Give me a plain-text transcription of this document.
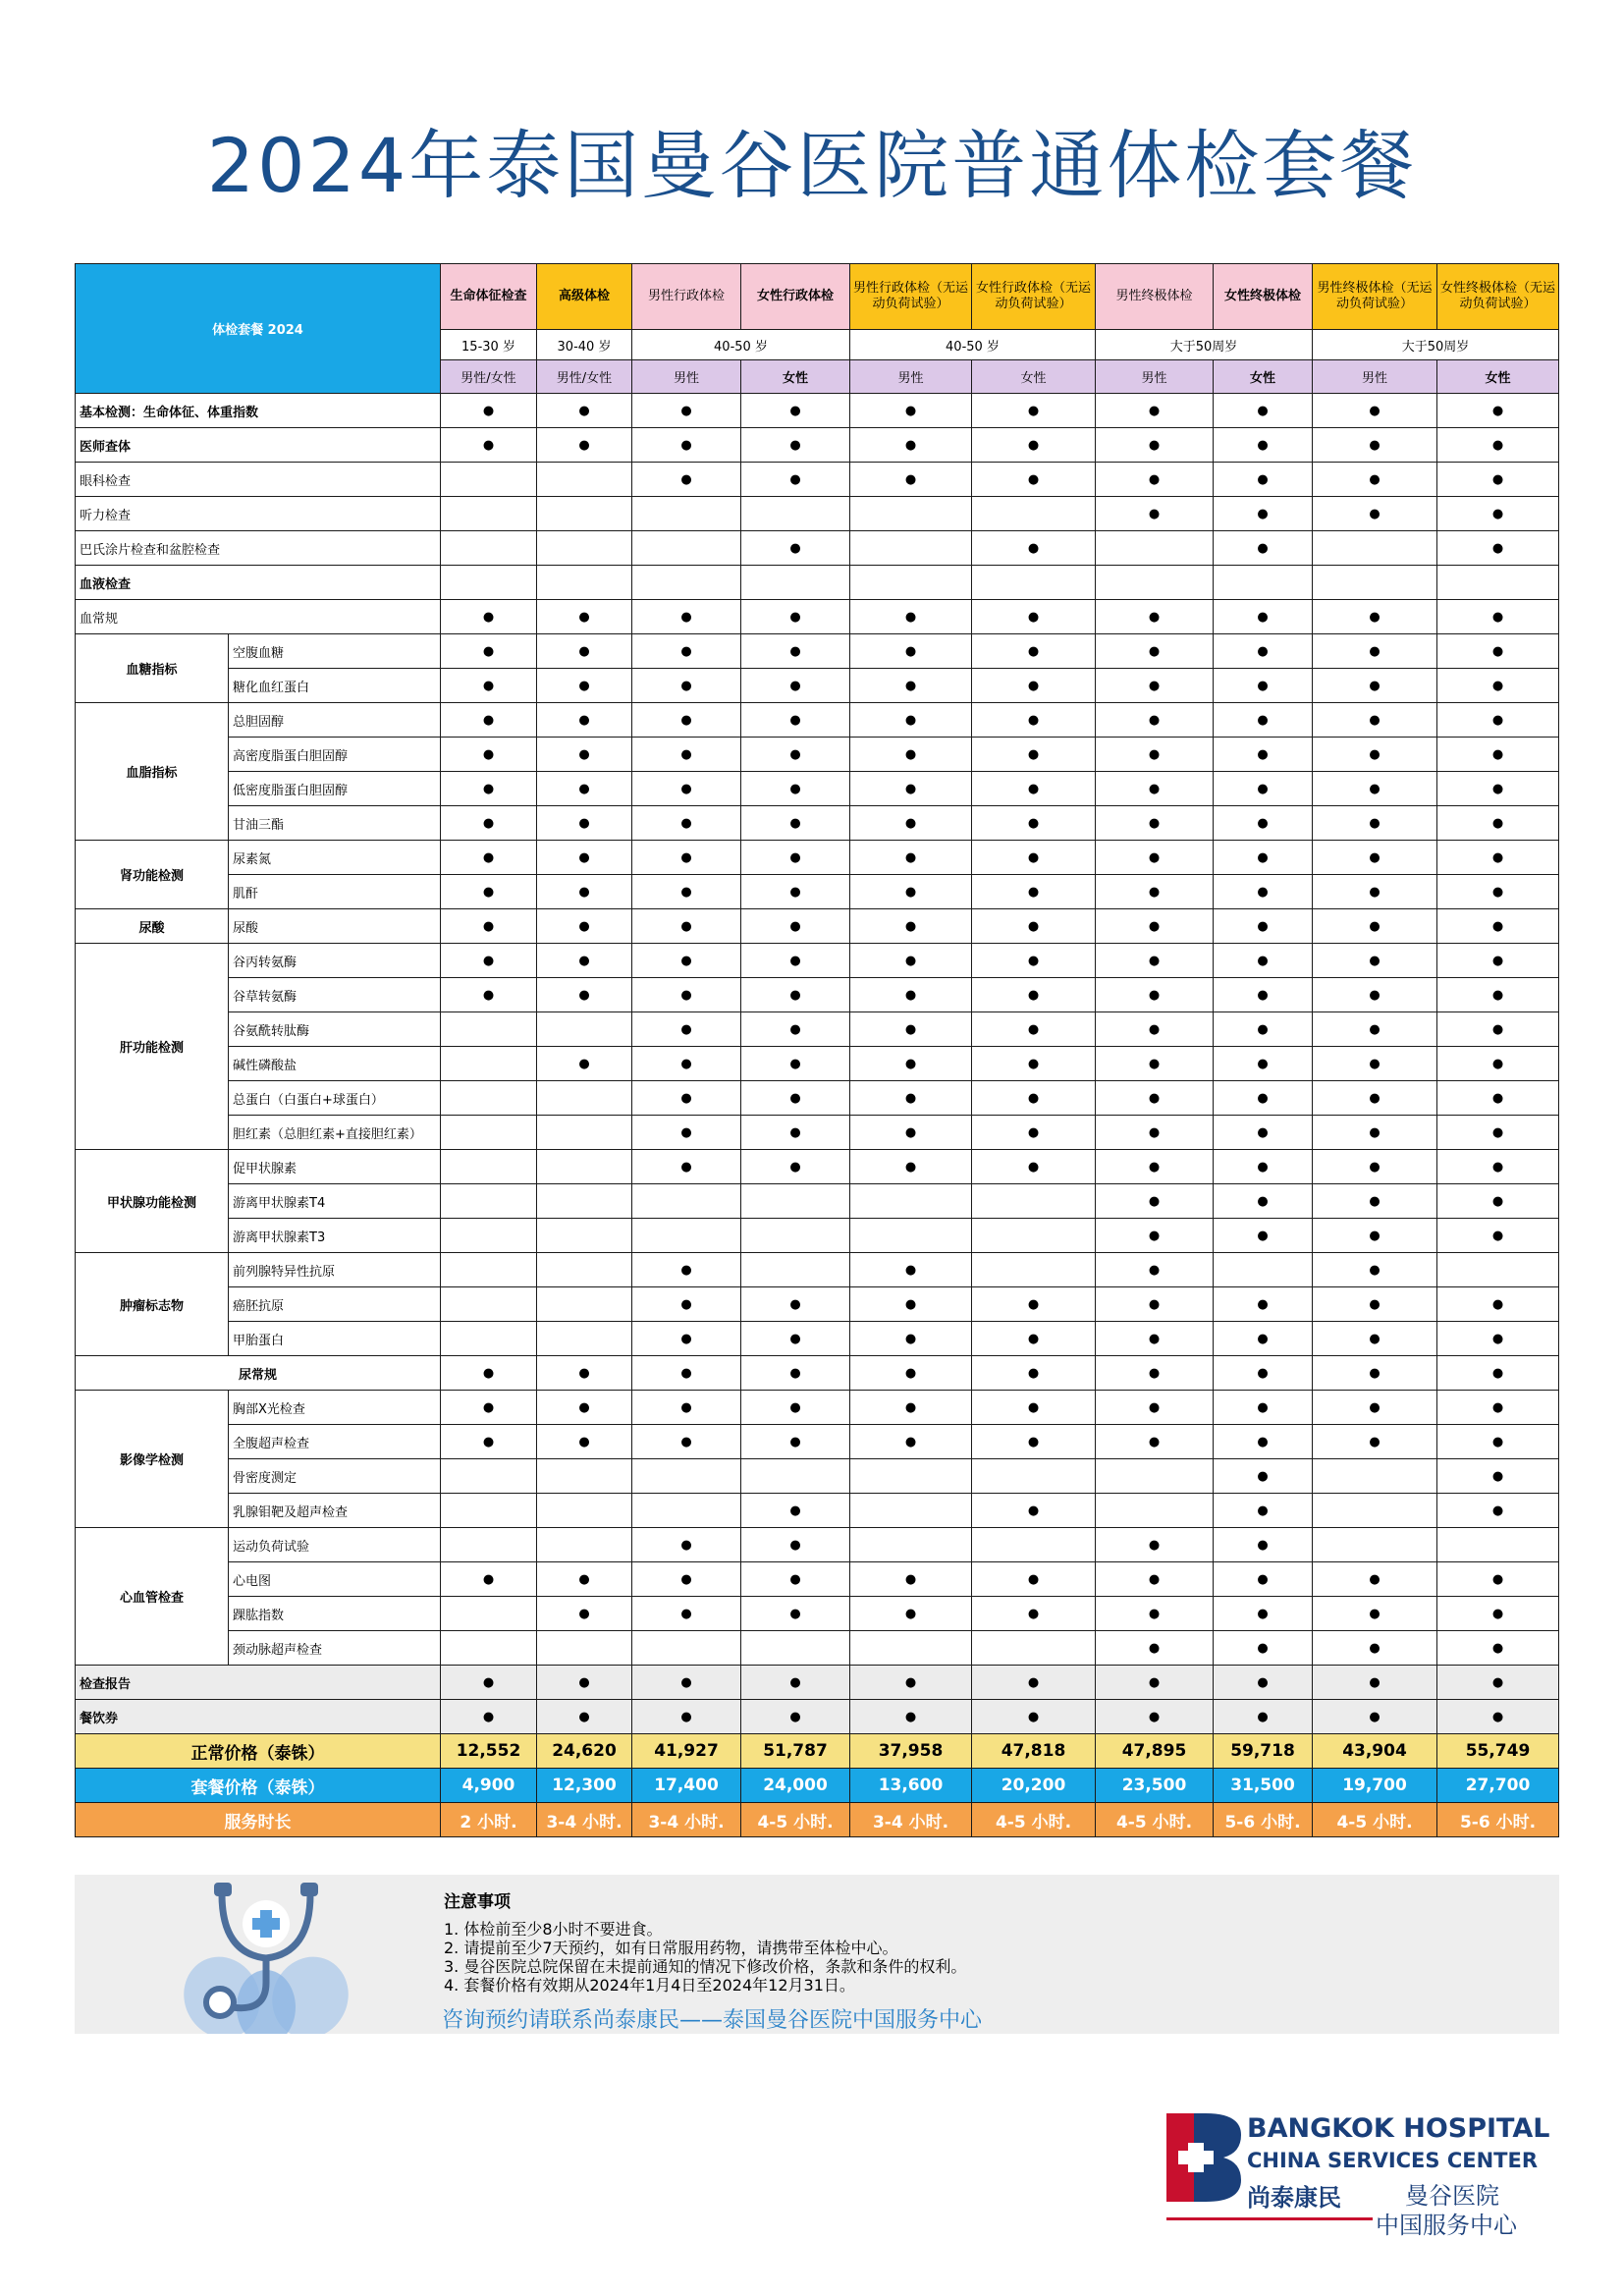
2024年泰国曼谷医院普通体检套餐
体检套餐 2024		生命体征检查	高级体检	男性行政体检	女性行政体检	男性行政体检（无运动负荷试验）	女性行政体检（无运动负荷试验）	男性终极体检	女性终极体检	男性终极体检（无运动负荷试验）	女性终极体检（无运动负荷试验）
		15-30 岁	30-40 岁	40-50 岁		40-50 岁		大于50周岁		大于50周岁	
		男性/女性	男性/女性	男性	女性	男性	女性	男性	女性	男性	女性
基本检测：生命体征、体重指数		●	●	●	●	●	●	●	●	●	●
医师查体		●	●	●	●	●	●	●	●	●	●
眼科检查				●	●	●	●	●	●	●	●
听力检查								●	●	●	●
巴氏涂片检查和盆腔检查					●		●		●		●
血液检查											
血常规		●	●	●	●	●	●	●	●	●	●
血糖指标	空腹血糖	●	●	●	●	●	●	●	●	●	●
	糖化血红蛋白	●	●	●	●	●	●	●	●	●	●
血脂指标	总胆固醇	●	●	●	●	●	●	●	●	●	●
	高密度脂蛋白胆固醇	●	●	●	●	●	●	●	●	●	●
	低密度脂蛋白胆固醇	●	●	●	●	●	●	●	●	●	●
	甘油三酯	●	●	●	●	●	●	●	●	●	●
肾功能检测	尿素氮	●	●	●	●	●	●	●	●	●	●
	肌酐	●	●	●	●	●	●	●	●	●	●
尿酸	尿酸	●	●	●	●	●	●	●	●	●	●
肝功能检测	谷丙转氨酶	●	●	●	●	●	●	●	●	●	●
	谷草转氨酶	●	●	●	●	●	●	●	●	●	●
	谷氨酰转肽酶			●	●	●	●	●	●	●	●
	碱性磷酸盐		●	●	●	●	●	●	●	●	●
	总蛋白（白蛋白+球蛋白）			●	●	●	●	●	●	●	●
	胆红素（总胆红素+直接胆红素）			●	●	●	●	●	●	●	●
甲状腺功能检测	促甲状腺素			●	●	●	●	●	●	●	●
	游离甲状腺素T4							●	●	●	●
	游离甲状腺素T3							●	●	●	●
肿瘤标志物	前列腺特异性抗原			●		●		●		●	
	癌胚抗原			●	●	●	●	●	●	●	●
	甲胎蛋白			●	●	●	●	●	●	●	●
尿常规		●	●	●	●	●	●	●	●	●	●
影像学检测	胸部X光检查	●	●	●	●	●	●	●	●	●	●
	全腹超声检查	●	●	●	●	●	●	●	●	●	●
	骨密度测定								●		●
	乳腺钼靶及超声检查				●		●		●		●
心血管检查	运动负荷试验			●	●			●	●		
	心电图	●	●	●	●	●	●	●	●	●	●
	踝肱指数		●	●	●	●	●	●	●	●	●
	颈动脉超声检查							●	●	●	●
检查报告		●	●	●	●	●	●	●	●	●	●
餐饮券		●	●	●	●	●	●	●	●	●	●
正常价格（泰铢）		12,552	24,620	41,927	51,787	37,958	47,818	47,895	59,718	43,904	55,749
套餐价格（泰铢）		4,900	12,300	17,400	24,000	13,600	20,200	23,500	31,500	19,700	27,700
服务时长		2 小时.	3-4 小时.	3-4 小时.	4-5 小时.	3-4 小时.	4-5 小时.	4-5 小时.	5-6 小时.	4-5 小时.	5-6 小时.
注意事项
1. 体检前至少8小时不要进食。
2. 请提前至少7天预约，如有日常服用药物，请携带至体检中心。
3. 曼谷医院总院保留在未提前通知的情况下修改价格，条款和条件的权利。
4. 套餐价格有效期从2024年1月4日至2024年12月31日。
咨询预约请联系尚泰康民——泰国曼谷医院中国服务中心
BANGKOK HOSPITAL
CHINA SERVICES CENTER
尚泰康民	曼谷医院
中国服务中心
